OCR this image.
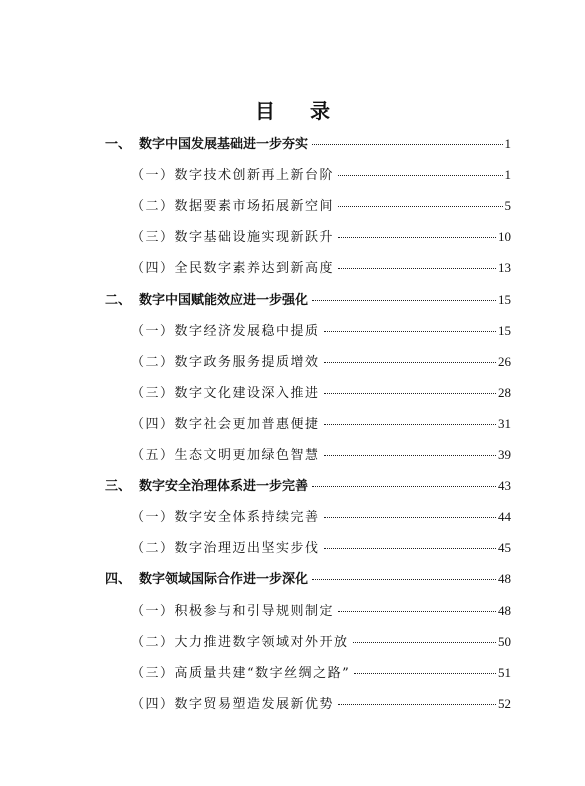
目 录
一、 数字中国发展基础进一步夯实	1
（一）数字技术创新再上新台阶	1
（二）数据要素市场拓展新空间	5
（三）数字基础设施实现新跃升	10
（四）全民数字素养达到新高度	13
二、 数字中国赋能效应进一步强化	15
（一）数字经济发展稳中提质	15
（二）数字政务服务提质增效	26
（三）数字文化建设深入推进	28
（四）数字社会更加普惠便捷	31
（五）生态文明更加绿色智慧	39
三、 数字安全治理体系进一步完善	43
（一）数字安全体系持续完善	44
（二）数字治理迈出坚实步伐	45
四、 数字领域国际合作进一步深化	48
（一）积极参与和引导规则制定	48
（二）大力推进数字领域对外开放	50
（三）高质量共建“数字丝绸之路”	51
（四）数字贸易塑造发展新优势	52
